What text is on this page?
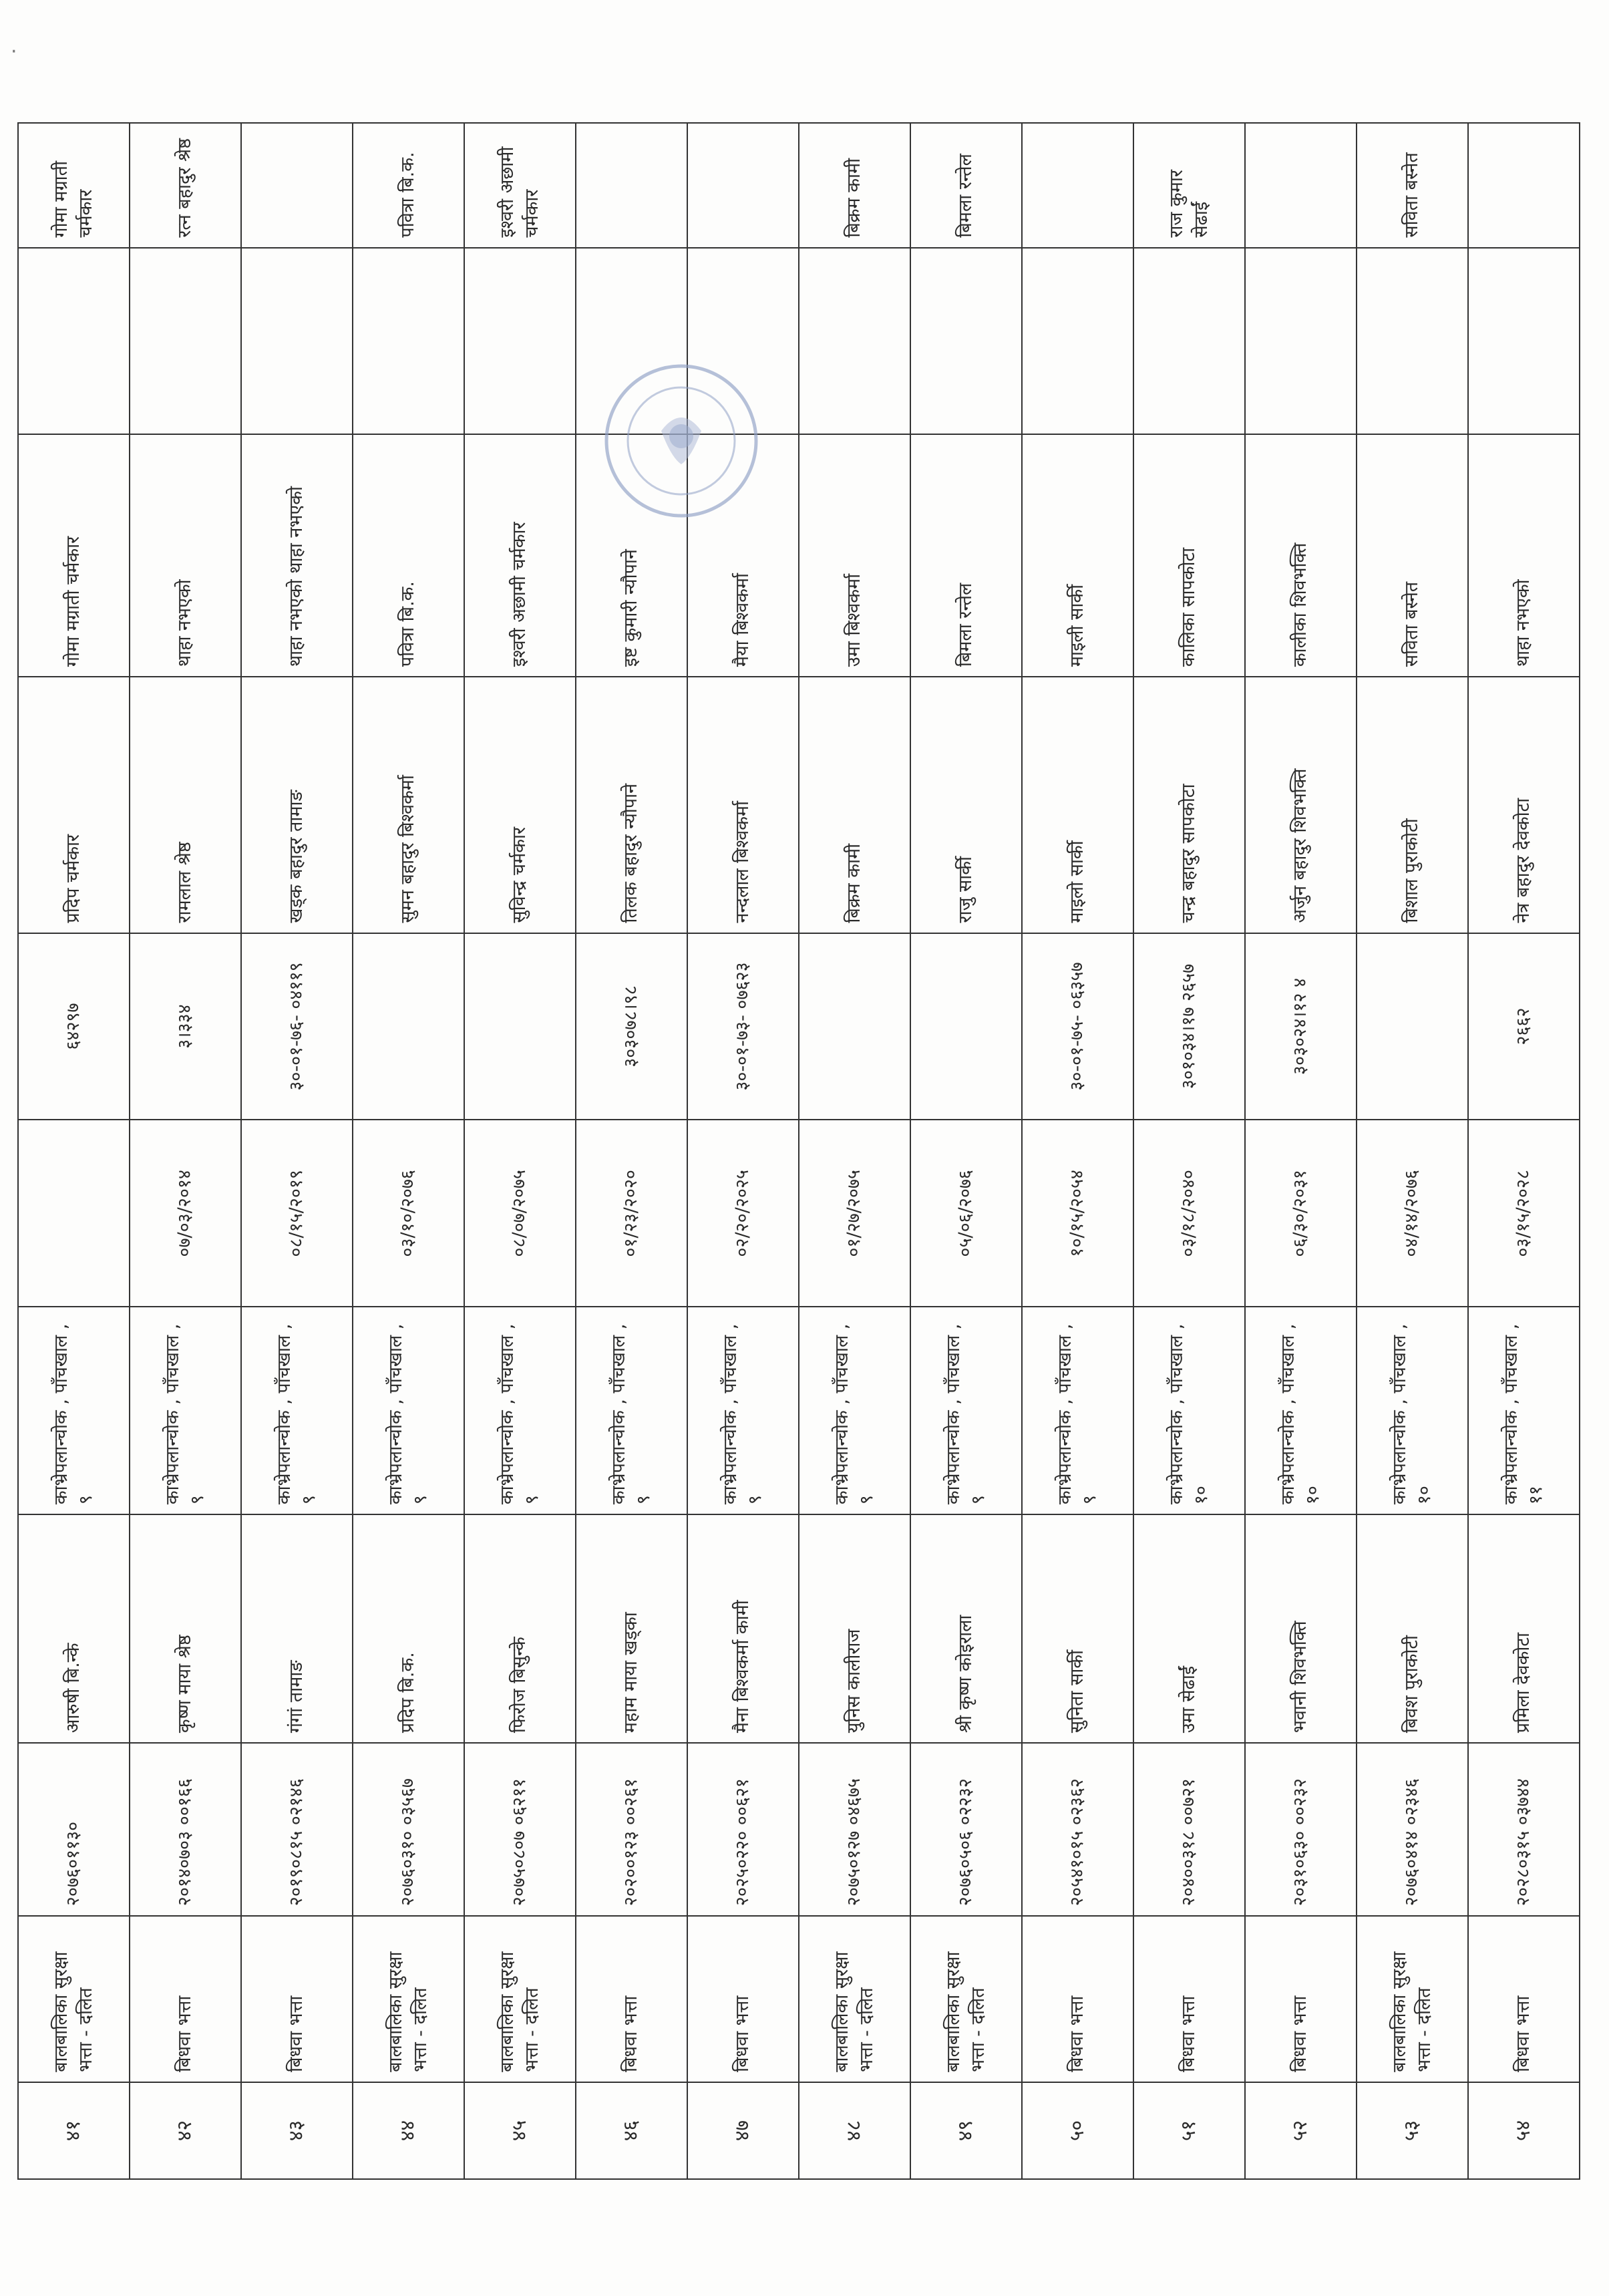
४१	बालबालिका सुरक्षा भत्ता - दलित	२०७६०११३०	आरुषी बि.न्के	काभ्रेपलान्चोक , पाँचखाल , ९		६४२९७	प्रदिप चर्मकार	गोमा मग्राती चर्मकार		गोमा मग्राती चर्मकार
४२	बिधवा भत्ता	२०१४०७०३ ००१६६	कृष्ण माया श्रेष्ठ	काभ्रेपलान्चोक , पाँचखाल , ९	०७/०३/२०१४	३।३३४	रामलाल श्रेष्ठ	थाहा नभएको		रत्न बहादुर श्रेष्ठ
४३	बिधवा भत्ता	२०१९०८१५ ०२१४६	गंगां तामाङ	काभ्रेपलान्चोक , पाँचखाल , ९	०८/१५/२०१९	३०-०१-७६- ०४११९	खड्क बहादुर तामाङ	थाहा नभएको थाहा नभएको		
४४	बालबालिका सुरक्षा भत्ता - दलित	२०७६०३१० ०३५६७	प्रदिप बि.क.	काभ्रेपलान्चोक , पाँचखाल , ९	०३/१०/२०७६		सुमन बहादुर बिश्वकर्मा	पवित्रा बि.क.		पवित्रा बि.क.
४५	बालबालिका सुरक्षा भत्ता - दलित	२०७५०८०७ ०६२११	फिरोज बिसुन्के	काभ्रेपलान्चोक , पाँचखाल , ९	०८/०७/२०७५		सुविन्द्र चर्मकार	इश्वरी अछामी चर्मकार		इश्वरी अछामी चर्मकार
४६	बिधवा भत्ता	२०२००१२३ ००२६१	महाम माया खड्का	काभ्रेपलान्चोक , पाँचखाल , ९	०१/२३/२०२०	३०३०७८।९८	तिलक बहादुर न्यौपाने	इष्ट कुमारी न्यौपाने		
४७	बिधवा भत्ता	२०२५०२२० ००६२१	मैना बिश्वकर्मा कामी	काभ्रेपलान्चोक , पाँचखाल , ९	०२/२०/२०२५	३०-०१-७३- ०७६२३	नन्दलाल बिश्वकर्मा	मैया बिश्वकर्मा		
४८	बालबालिका सुरक्षा भत्ता - दलित	२०७५०१२७ ०४६७५	युनिस कालीराज	काभ्रेपलान्चोक , पाँचखाल , ९	०१/२७/२०७५		बिक्रम कामी	उमा बिश्वकर्मा		बिक्रम कामी
४९	बालबालिका सुरक्षा भत्ता - दलित	२०७६०५०६ ०२२३२	श्री कृष्ण कोइराला	काभ्रेपलान्चोक , पाँचखाल , ९	०५/०६/२०७६		राजु सार्की	बिमला रन्तेल		बिमला रन्तेल
५०	बिधवा भत्ता	२०५४१०१५ ०२३६२	सुनिता सार्की	काभ्रेपलान्चोक , पाँचखाल , ९	१०/१५/२०५४	३०-०१-७५- ०६३५७	माइलो सार्की	माइली सार्की		
५१	बिधवा भत्ता	२०४००३१८ ००७२१	उमा सेढाईं	काभ्रेपलान्चोक , पाँचखाल , १०	०३/१८/२०४०	३०१०३४।१७ २६५७	चन्द्र बहादुर सापकोटा	कालिका सापकोटा		राज कुमार सेढाईं
५२	बिधवा भत्ता	२०३१०६३० ००२३२	भवानी शिवभक्ति	काभ्रेपलान्चोक , पाँचखाल , १०	०६/३०/२०३१	३०३०२४।१२ ४	अर्जुन बहादुर शिवभक्ति	कालीका शिवभक्ति		
५३	बालबालिका सुरक्षा भत्ता - दलित	२०७६०४१४ ०२३४६	बिवश पुराकोटी	काभ्रेपलान्चोक , पाँचखाल , १०	०४/१४/२०७६		बिशाल पुराकोटी	सविता बस्नेत		सविता बस्नेत
५४	बिधवा भत्ता	२०२८०३१५ ०३७४४	प्रमिला देवकोटा	काभ्रेपलान्चोक , पाँचखाल , ११	०३/१५/२०२८	२६६२	नेत्र बहादुर देवकोटा	थाहा नभएको		
·
